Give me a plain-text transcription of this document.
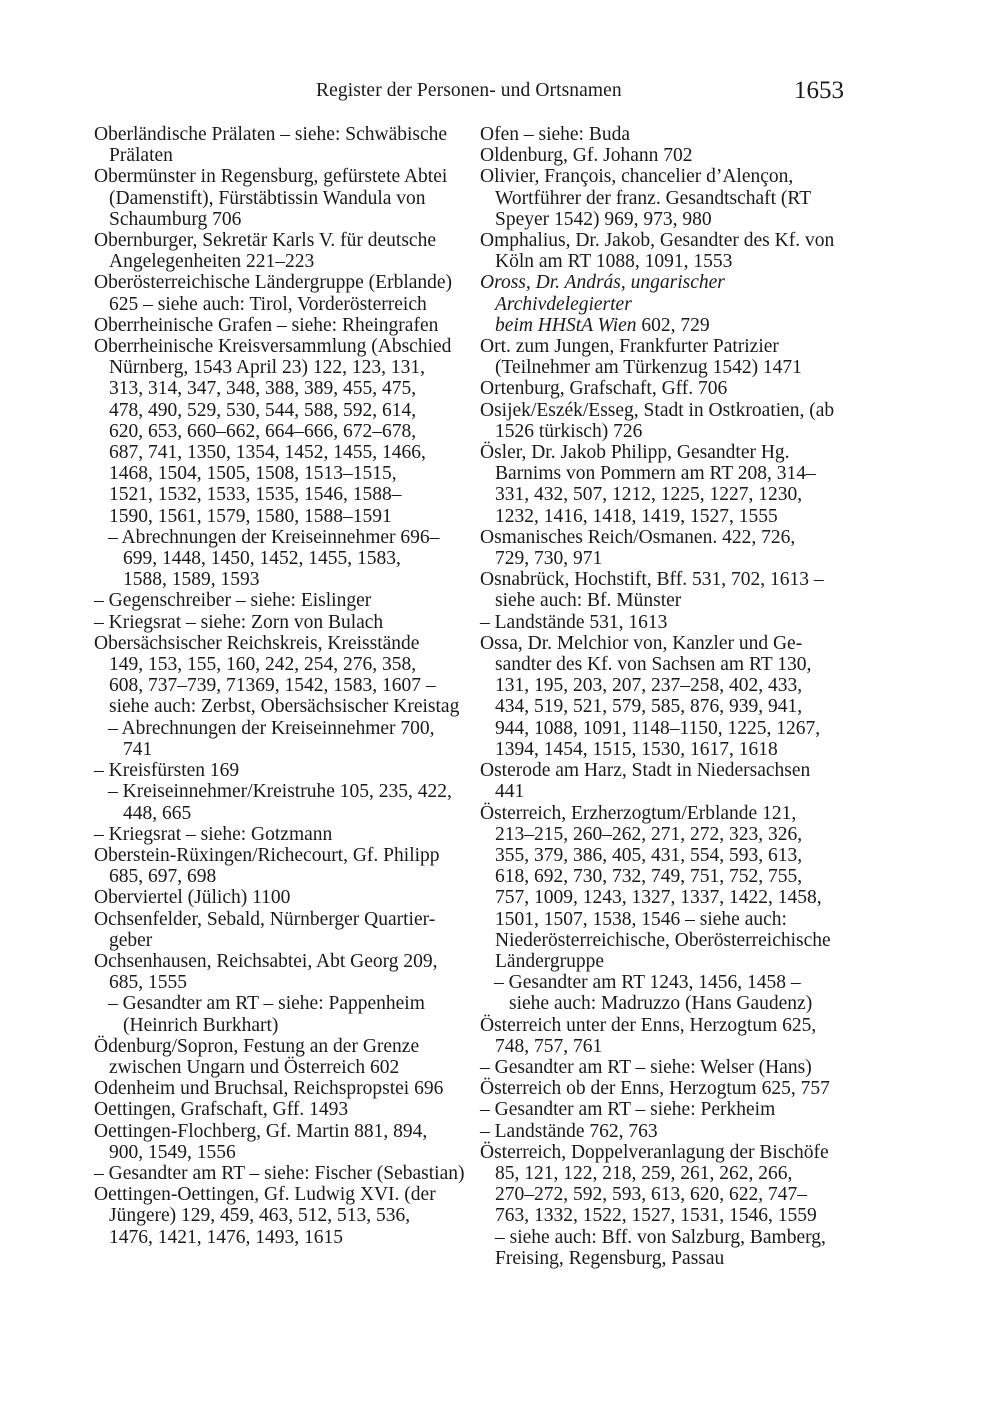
Register der Personen- und Ortsnamen	1653
Oberländische Prälaten – siehe: Schwäbische
Prälaten
Obermünster in Regensburg, gefürstete Abtei
(Damenstift), Fürstäbtissin Wandula von
Schaumburg 706
Obernburger, Sekretär Karls V. für deutsche
Angelegenheiten 221–223
Oberösterreichische Ländergruppe (Erblande)
625 – siehe auch: Tirol, Vorderösterreich
Oberrheinische Grafen – siehe: Rheingrafen
Oberrheinische Kreisversammlung (Abschied
Nürnberg, 1543 April 23) 122, 123, 131,
313, 314, 347, 348, 388, 389, 455, 475,
478, 490, 529, 530, 544, 588, 592, 614,
620, 653, 660–662, 664–666, 672–678,
687, 741, 1350, 1354, 1452, 1455, 1466,
1468, 1504, 1505, 1508, 1513–1515,
1521, 1532, 1533, 1535, 1546, 1588–
1590, 1561, 1579, 1580, 1588–1591
– Abrechnungen der Kreiseinnehmer 696–
699, 1448, 1450, 1452, 1455, 1583,
1588, 1589, 1593
– Gegenschreiber – siehe: Eislinger
– Kriegsrat – siehe: Zorn von Bulach
Obersächsischer Reichskreis, Kreisstände
149, 153, 155, 160, 242, 254, 276, 358,
608, 737–739, 71369, 1542, 1583, 1607 –
siehe auch: Zerbst, Obersächsischer Kreistag
– Abrechnungen der Kreiseinnehmer 700,
741
– Kreisfürsten 169
– Kreiseinnehmer/Kreistruhe 105, 235, 422,
448, 665
– Kriegsrat – siehe: Gotzmann
Oberstein-Rüxingen/Richecourt, Gf. Philipp
685, 697, 698
Oberviertel (Jülich) 1100
Ochsenfelder, Sebald, Nürnberger Quartier-
geber
Ochsenhausen, Reichsabtei, Abt Georg 209,
685, 1555
– Gesandter am RT – siehe: Pappenheim
(Heinrich Burkhart)
Ödenburg/Sopron, Festung an der Grenze
zwischen Ungarn und Österreich 602
Odenheim und Bruchsal, Reichspropstei 696
Oettingen, Grafschaft, Gff. 1493
Oettingen-Flochberg, Gf. Martin 881, 894,
900, 1549, 1556
– Gesandter am RT – siehe: Fischer (Sebastian)
Oettingen-Oettingen, Gf. Ludwig XVI. (der
Jüngere) 129, 459, 463, 512, 513, 536,
1476, 1421, 1476, 1493, 1615
Ofen – siehe: Buda
Oldenburg, Gf. Johann 702
Olivier, François, chancelier d’Alençon,
Wortführer der franz. Gesandtschaft (RT
Speyer 1542) 969, 973, 980
Omphalius, Dr. Jakob, Gesandter des Kf. von
Köln am RT 1088, 1091, 1553
Oross, Dr. András, ungarischer Archivdelegierter
beim HHStA Wien 602, 729
Ort. zum Jungen, Frankfurter Patrizier
(Teilnehmer am Türkenzug 1542) 1471
Ortenburg, Grafschaft, Gff. 706
Osijek/Eszék/Esseg, Stadt in Ostkroatien, (ab
1526 türkisch) 726
Ösler, Dr. Jakob Philipp, Gesandter Hg.
Barnims von Pommern am RT 208, 314–
331, 432, 507, 1212, 1225, 1227, 1230,
1232, 1416, 1418, 1419, 1527, 1555
Osmanisches Reich/Osmanen. 422, 726,
729, 730, 971
Osnabrück, Hochstift, Bff. 531, 702, 1613 –
siehe auch: Bf. Münster
– Landstände 531, 1613
Ossa, Dr. Melchior von, Kanzler und Ge-
sandter des Kf. von Sachsen am RT 130,
131, 195, 203, 207, 237–258, 402, 433,
434, 519, 521, 579, 585, 876, 939, 941,
944, 1088, 1091, 1148–1150, 1225, 1267,
1394, 1454, 1515, 1530, 1617, 1618
Osterode am Harz, Stadt in Niedersachsen
441
Österreich, Erzherzogtum/Erblande 121,
213–215, 260–262, 271, 272, 323, 326,
355, 379, 386, 405, 431, 554, 593, 613,
618, 692, 730, 732, 749, 751, 752, 755,
757, 1009, 1243, 1327, 1337, 1422, 1458,
1501, 1507, 1538, 1546 – siehe auch:
Niederösterreichische, Oberösterreichische
Ländergruppe
– Gesandter am RT 1243, 1456, 1458 –
siehe auch: Madruzzo (Hans Gaudenz)
Österreich unter der Enns, Herzogtum 625,
748, 757, 761
– Gesandter am RT – siehe: Welser (Hans)
Österreich ob der Enns, Herzogtum 625, 757
– Gesandter am RT – siehe: Perkheim
– Landstände 762, 763
Österreich, Doppelveranlagung der Bischöfe
85, 121, 122, 218, 259, 261, 262, 266,
270–272, 592, 593, 613, 620, 622, 747–
763, 1332, 1522, 1527, 1531, 1546, 1559
– siehe auch: Bff. von Salzburg, Bamberg,
Freising, Regensburg, Passau
